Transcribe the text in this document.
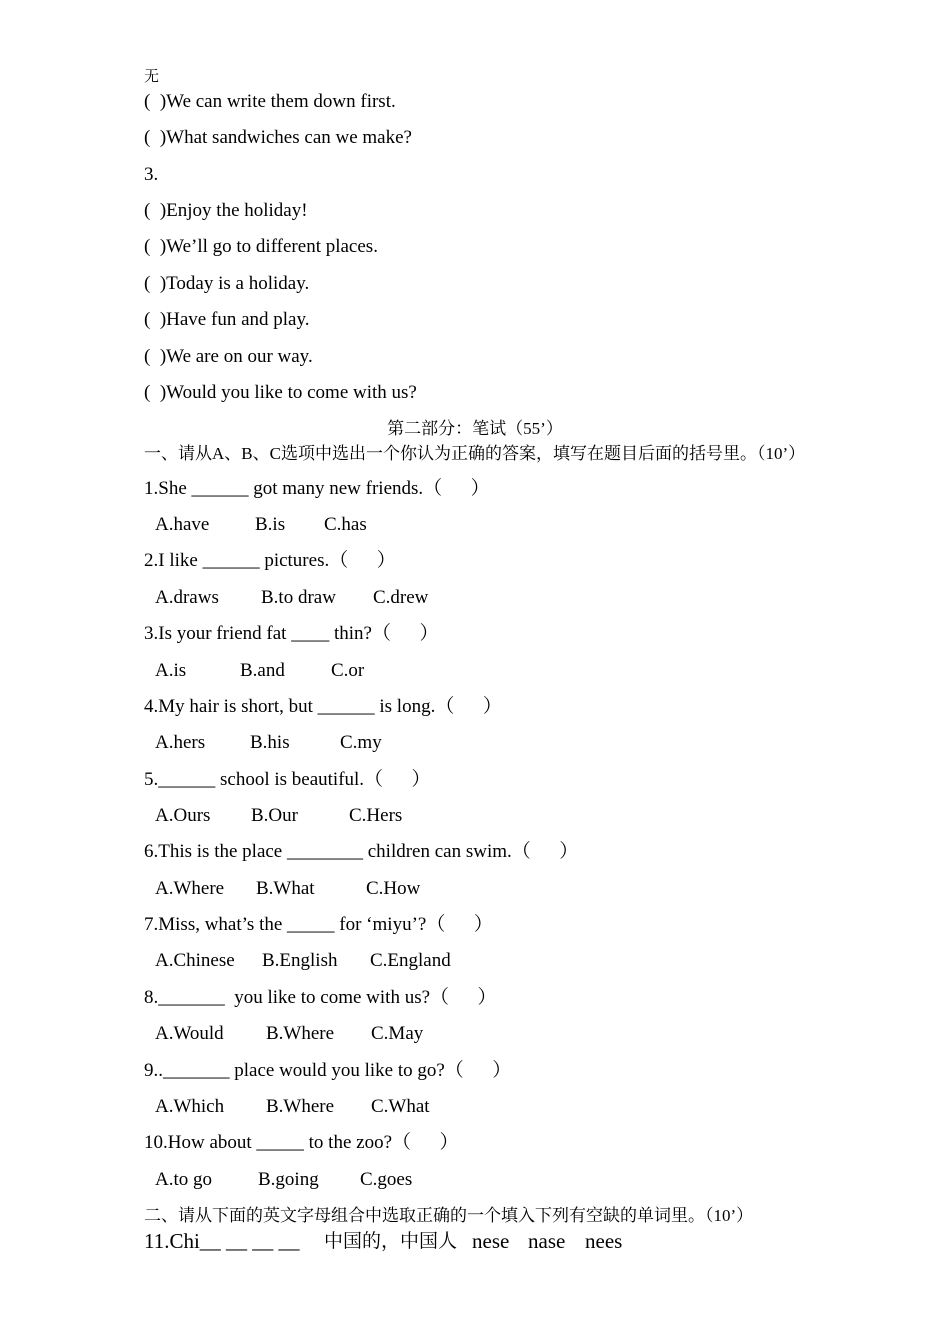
无
(  )We can write them down first.
(  )What sandwiches can we make?
3.
(  )Enjoy the holiday!
(  )We’ll go to different places.
(  )Today is a holiday.
(  )Have fun and play.
(  )We are on our way.
(  )Would you like to come with us?
第二部分：笔试（55’）
一、请从A、B、C选项中选出一个你认为正确的答案，填写在题目后面的括号里。（10’）
1.She ______ got many new friends.（      ）
A.have B.is C.has
2.I like ______ pictures.（      ）
A.draws B.to draw C.drew
3.Is your friend fat ____ thin?（      ）
A.is	B.and C.or
4.My hair is short, but ______ is long.（      ）
A.hers B.his	C.my
5.______ school is beautiful.（      ）
A.Ours B.Our	C.Hers
6.This is the place ________ children can swim.（      ）
A.Where B.What	C.How
7.Miss, what’s the _____ for ‘miyu’?（      ）
A.Chinese B.English C.England
8._______  you like to come with us?（      ）
A.Would B.Where C.May
9.._______ place would you like to go?（      ）
A.Which B.Where C.What
10.How about _____ to the zoo?（      ）
A.to go B.going C.goes
二、请从下面的英文字母组合中选取正确的一个填入下列有空缺的单词里。（10’）
11.Chi__ __ __ __ 中国的，中国人 nese nase nees
